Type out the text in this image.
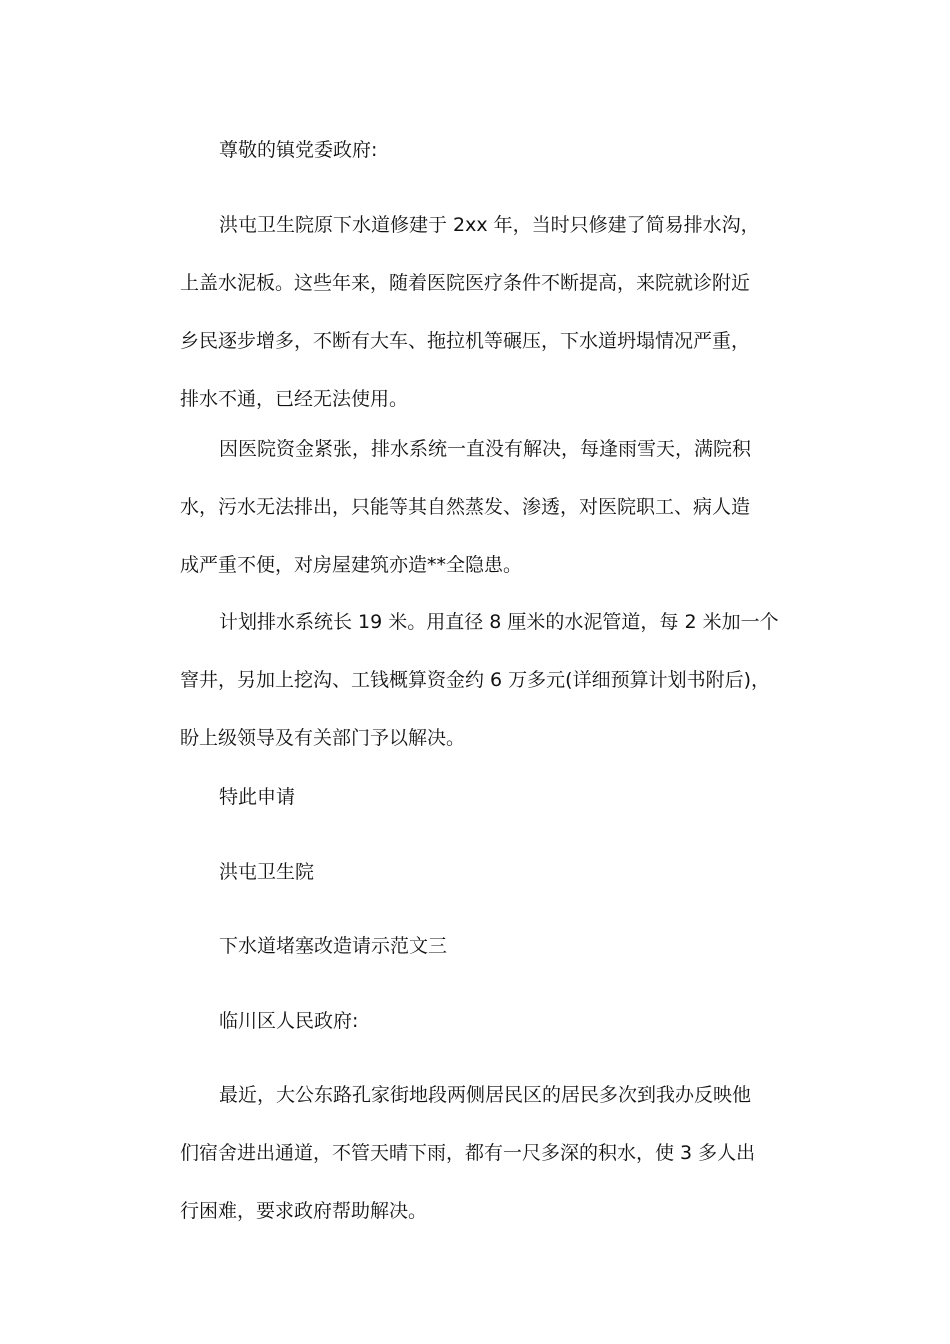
尊敬的镇党委政府:

洪屯卫生院原下水道修建于 2xx 年，当时只修建了简易排水沟，
上盖水泥板。这些年来，随着医院医疗条件不断提高，来院就诊附近
乡民逐步增多，不断有大车、拖拉机等碾压，下水道坍塌情况严重，
排水不通，已经无法使用。
因医院资金紧张，排水系统一直没有解决，每逢雨雪天，满院积
水，污水无法排出，只能等其自然蒸发、渗透，对医院职工、病人造
成严重不便，对房屋建筑亦造**全隐患。
计划排水系统长 19 米。用直径 8 厘米的水泥管道，每 2 米加一个
窨井，另加上挖沟、工钱概算资金约 6 万多元(详细预算计划书附后)，
盼上级领导及有关部门予以解决。

特此申请

洪屯卫生院

下水道堵塞改造请示范文三

临川区人民政府:

最近，大公东路孔家街地段两侧居民区的居民多次到我办反映他
们宿舍进出通道，不管天晴下雨，都有一尺多深的积水，使 3 多人出
行困难，要求政府帮助解决。
